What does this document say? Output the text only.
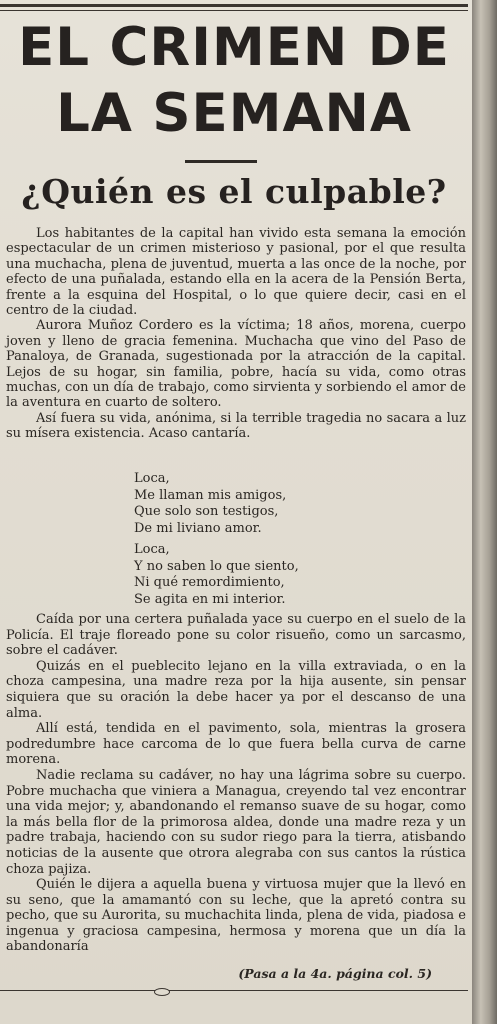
EL CRIMEN DE
LA SEMANA
¿Quién es el culpable?

Los habitantes de la capital han vivido esta semana la emoción espectacular de un crimen misterioso y pasional, por el que resulta una muchacha, plena de juventud, muerta a las once de la noche, por efecto de una puñalada, estando ella en la acera de la Pensión Berta, frente a la esquina del Hospital, o lo que quiere decir, casi en el centro de la ciudad.

Aurora Muñoz Cordero es la víctima; 18 años, morena, cuerpo joven y lleno de gracia femenina. Muchacha que vino del Paso de Panaloya, de Granada, sugestionada por la atracción de la capital. Lejos de su hogar, sin familia, pobre, hacía su vida, como otras muchas, con un día de trabajo, como sirvienta y sorbiendo el amor de la aventura en cuarto de soltero.

Así fuera su vida, anónima, si la terrible tragedia no sacara a luz su mísera existencia. Acaso cantaría.

Loca,
Me llaman mis amigos,
Que solo son testigos,
De mi liviano amor.
Loca,
Y no saben lo que siento,
Ni qué remordimiento,
Se agita en mi interior.

Caída por una certera puñalada yace su cuerpo en el suelo de la Policía. El traje floreado pone su color risueño, como un sarcasmo, sobre el cadáver.

Quizás en el pueblecito lejano en la villa extraviada, o en la choza campesina, una madre reza por la hija ausente, sin pensar siquiera que su oración la debe hacer ya por el descanso de una alma.

Allí está, tendida en el pavimento, sola, mientras la grosera podredumbre hace carcoma de lo que fuera bella curva de carne morena.

Nadie reclama su cadáver, no hay una lágrima sobre su cuerpo. Pobre muchacha que viniera a Managua, creyendo tal vez encontrar una vida mejor; y, abandonando el remanso suave de su hogar, como la más bella flor de la primorosa aldea, donde una madre reza y un padre trabaja, haciendo con su sudor riego para la tierra, atisbando noticias de la ausente que otrora alegraba con sus cantos la rústica choza pajiza.

Quién le dijera a aquella buena y virtuosa mujer que la llevó en su seno, que la amamantó con su leche, que la apretó contra su pecho, que su Aurorita, su muchachita linda, plena de vida, piadosa e ingenua y graciosa campesina, hermosa y morena que un día la abandonaría

(Pasa a la 4a. página col. 5)
